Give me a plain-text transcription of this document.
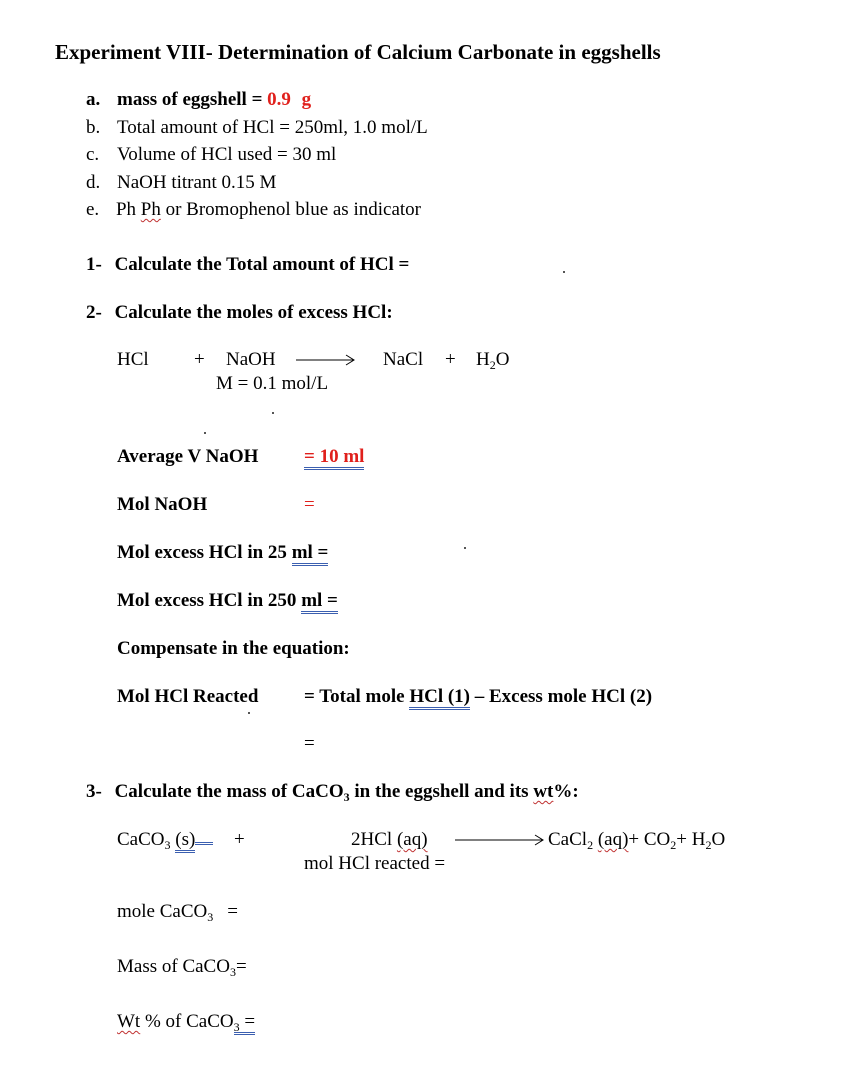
Experiment VIII- Determination of Calcium Carbonate in eggshells
a. mass of eggshell = 0.9 g
b. Total amount of HCl = 250ml, 1.0 mol/L
c. Volume of HCl used = 30 ml
d. NaOH titrant 0.15 M
e. Ph Ph or Bromophenol blue as indicator
1- Calculate the Total amount of HCl =
2- Calculate the moles of excess HCl:
HCl + NaOH → NaCl + $H_2O$
M = 0.1 mol/L
Average V NaOH = 10 ml
Mol NaOH	=
Mol excess HCl in 25 ml =
Mol excess HCl in 250 ml =
Compensate in the equation:
Mol HCl Reacted = Total mole HCl (1) – Excess mole HCl (2)
=
3- Calculate the mass of CaCO$_3$ in the eggshell and its wt%:
CaCO$_3$ (s)	+	2HCl (aq)	CaCl$_2$ $(aq)+ CO_2+ H_2O$
mol HCl reacted =
mole CaCO$_3$ =
Mass of CaCO$_3$=
Wt % of CaCO$_3$ =
